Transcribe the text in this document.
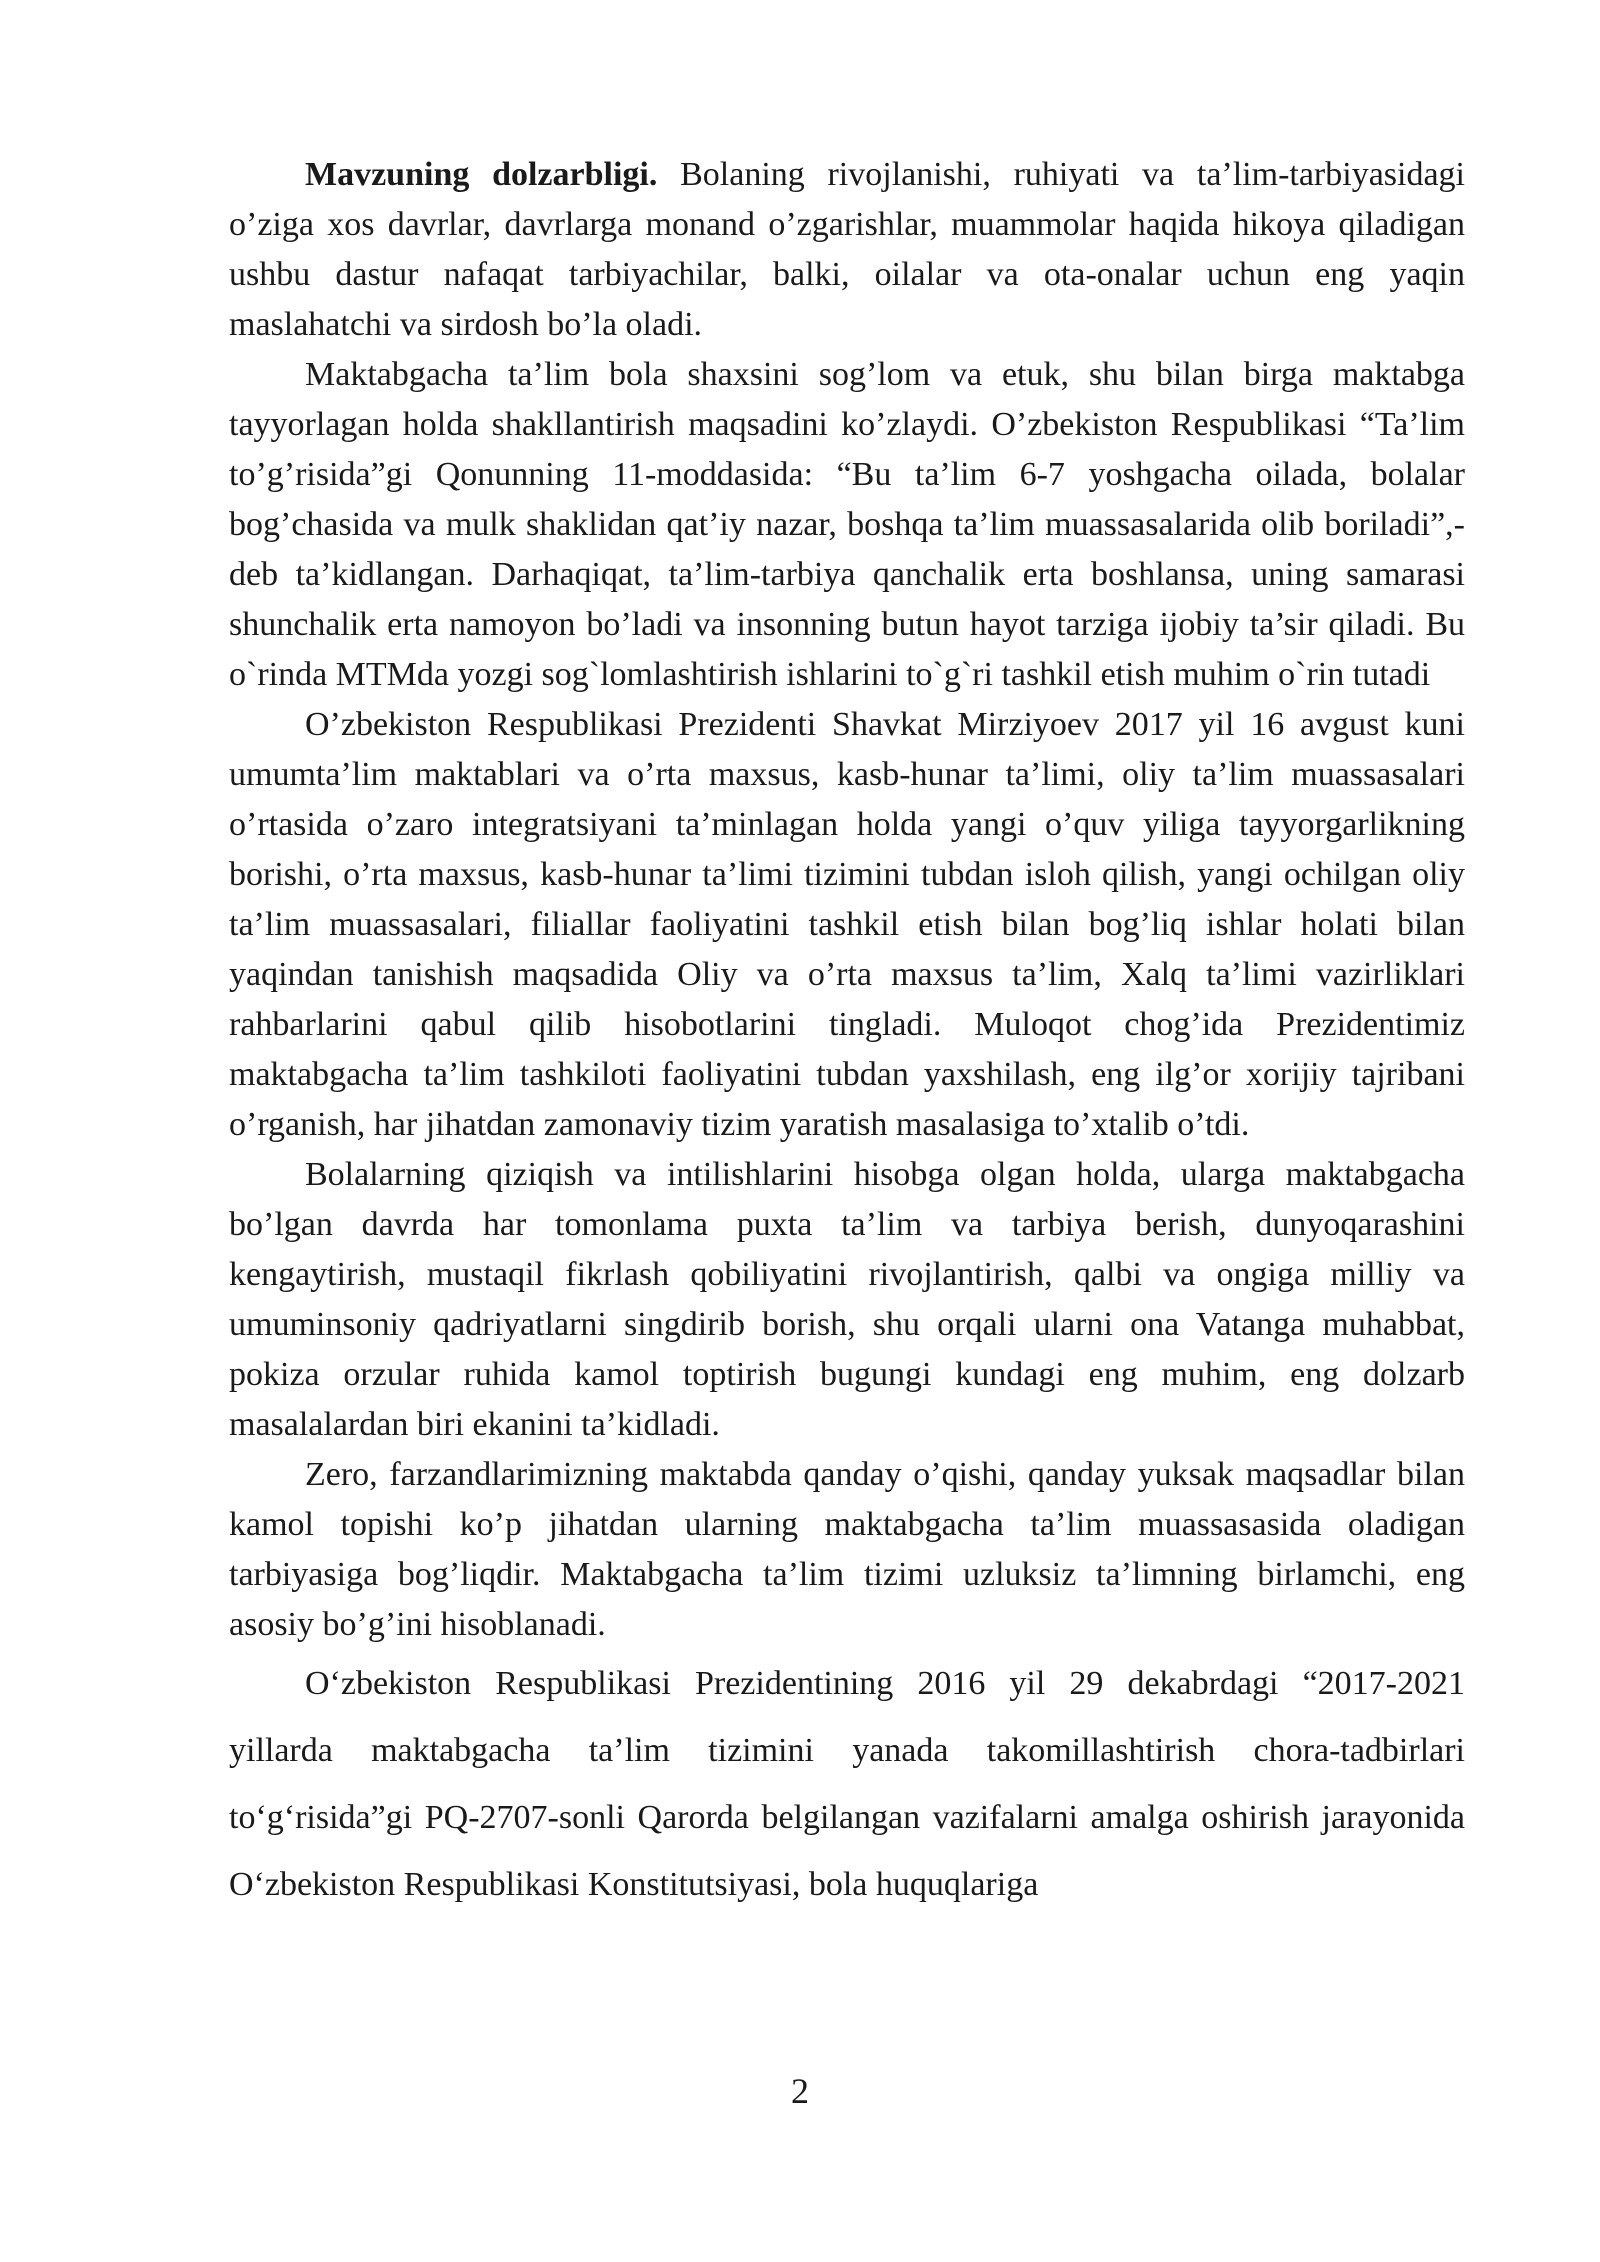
Mavzuning dolzarbligi. Bolaning rivojlanishi, ruhiyati va ta’lim-tarbiyasidagi o’ziga xos davrlar, davrlarga monand o’zgarishlar, muammolar haqida hikoya qiladigan ushbu dastur nafaqat tarbiyachilar, balki, oilalar va ota-onalar uchun eng yaqin maslahatchi va sirdosh bo’la oladi.

Maktabgacha ta’lim bola shaxsini sog’lom va etuk, shu bilan birga maktabga tayyorlagan holda shakllantirish maqsadini ko’zlaydi. O’zbekiston Respublikasi “Ta’lim to’g’risida”gi Qonunning 11-moddasida: “Bu ta’lim 6-7 yoshgacha oilada, bolalar bog’chasida va mulk shaklidan qat’iy nazar, boshqa ta’lim muassasalarida olib boriladi”,- deb ta’kidlangan. Darhaqiqat, ta’lim-tarbiya qanchalik erta boshlansa, uning samarasi shunchalik erta namoyon bo’ladi va insonning butun hayot tarziga ijobiy ta’sir qiladi. Bu o`rinda MTMda yozgi sog`lomlashtirish ishlarini to`g`ri tashkil etish muhim o`rin tutadi

O’zbekiston Respublikasi Prezidenti Shavkat Mirziyoev 2017 yil 16 avgust kuni umumta’lim maktablari va o’rta maxsus, kasb-hunar ta’limi, oliy ta’lim muassasalari o’rtasida o’zaro integratsiyani ta’minlagan holda yangi o’quv yiliga tayyorgarlikning borishi, o’rta maxsus, kasb-hunar ta’limi tizimini tubdan isloh qilish, yangi ochilgan oliy ta’lim muassasalari, filiallar faoliyatini tashkil etish bilan bog’liq ishlar holati bilan yaqindan tanishish maqsadida Oliy va o’rta maxsus ta’lim, Xalq ta’limi vazirliklari rahbarlarini qabul qilib hisobotlarini tingladi. Muloqot chog’ida Prezidentimiz maktabgacha ta’lim tashkiloti faoliyatini tubdan yaxshilash, eng ilg’or xorijiy tajribani o’rganish, har jihatdan zamonaviy tizim yaratish masalasiga to’xtalib o’tdi.

Bolalarning qiziqish va intilishlarini hisobga olgan holda, ularga maktabgacha bo’lgan davrda har tomonlama puxta ta’lim va tarbiya berish, dunyoqarashini kengaytirish, mustaqil fikrlash qobiliyatini rivojlantirish, qalbi va ongiga milliy va umuminsoniy qadriyatlarni singdirib borish, shu orqali ularni ona Vatanga muhabbat, pokiza orzular ruhida kamol toptirish bugungi kundagi eng muhim, eng dolzarb masalalardan biri ekanini ta’kidladi.

Zero, farzandlarimizning maktabda qanday o’qishi, qanday yuksak maqsadlar bilan kamol topishi ko’p jihatdan ularning maktabgacha ta’lim muassasasida oladigan tarbiyasiga bog’liqdir. Maktabgacha ta’lim tizimi uzluksiz ta’limning birlamchi, eng asosiy bo’g’ini hisoblanadi.

O‘zbekiston Respublikasi Prezidentining 2016 yil 29 dekabrdagi “2017-2021 yillarda maktabgacha ta’lim tizimini yanada takomillashtirish chora-tadbirlari to‘g‘risida”gi PQ-2707-sonli Qarorda belgilangan vazifalarni amalga oshirish jarayonida O‘zbekiston Respublikasi Konstitutsiyasi, bola huquqlariga

2
